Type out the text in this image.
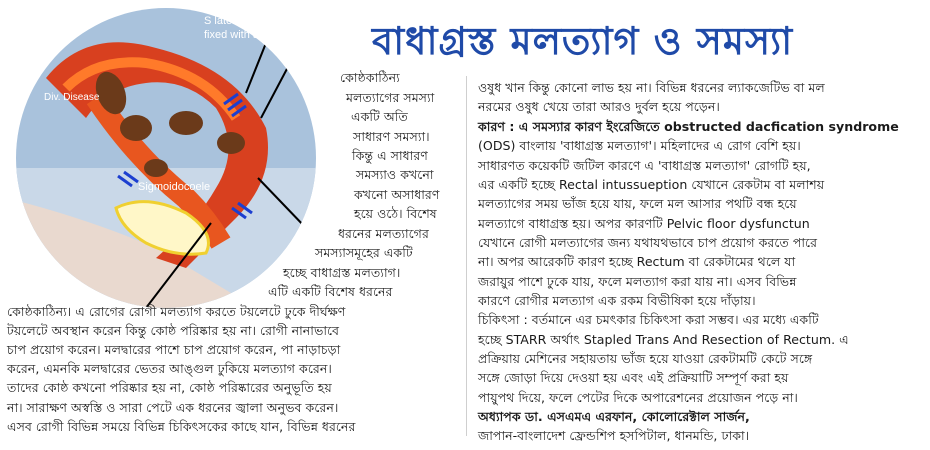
বাধাগ্রস্ত মলত্যাগ ও সমস্যা
S lateral r
fixed with adhe
Div. Disease
Sigmoidocoele
কোষ্ঠকাঠিন্য
মলত্যাগের সমস্যা
একটি অতি
সাধারণ সমস্যা।
কিন্তু এ সাধারণ
সমস্যাও কখনো
কখনো অসাধারণ
হয়ে ওঠে। বিশেষ
ধরনের মলত্যাগের
সমস্যাসমূহের একটি
হচ্ছে বাধাগ্রস্ত মলত্যাগ।
এটি একটি বিশেষ ধরনের
কোষ্ঠকাঠিন্য। এ রোগের রোগী মলত্যাগ করতে টয়লেটে ঢুকে দীর্ঘক্ষণ
টয়লেটে অবস্থান করেন কিন্তু কোষ্ঠ পরিষ্কার হয় না। রোগী নানাভাবে
চাপ প্রয়োগ করেন। মলদ্বারের পাশে চাপ প্রয়োগ করেন, পা নাড়াচড়া
করেন, এমনকি মলদ্বারের ভেতর আঙ্গুল ঢুকিয়ে মলত্যাগ করেন।
তাদের কোষ্ঠ কখনো পরিষ্কার হয় না, কোষ্ঠ পরিষ্কারের অনুভূতি হয়
না। সারাক্ষণ অস্বস্তি ও সারা পেটে এক ধরনের জ্বালা অনুভব করেন।
এসব রোগী বিভিন্ন সময়ে বিভিন্ন চিকিৎসকের কাছে যান, বিভিন্ন ধরনের
ওষুধ খান কিন্তু কোনো লাভ হয় না। বিভিন্ন ধরনের ল্যাকজেটিভ বা মল
নরমের ওষুধ খেয়ে তারা আরও দুর্বল হয়ে পড়েন।
কারণ : এ সমস্যার কারণ ইংরেজিতে obstructed dacfication syndrome
(ODS) বাংলায় 'বাধাগ্রস্ত মলত্যাগ'। মহিলাদের এ রোগ বেশি হয়।
সাধারণত কয়েকটি জটিল কারণে এ 'বাধাগ্রস্ত মলত্যাগ' রোগটি হয়,
এর একটি হচ্ছে Rectal intussueption যেখানে রেকটাম বা মলাশয়
মলত্যাগের সময় ভাঁজ হয়ে যায়, ফলে মল আসার পথটি বন্ধ হয়ে
মলত্যাগে বাধাগ্রস্ত হয়। অপর কারণটি Pelvic floor dysfunctun
যেখানে রোগী মলত্যাগের জন্য যথাযথভাবে চাপ প্রয়োগ করতে পারে
না। অপর আরেকটি কারণ হচ্ছে Rectum বা রেকটামের থলে যা
জরায়ুর পাশে ঢুকে যায়, ফলে মলত্যাগ করা যায় না। এসব বিভিন্ন
কারণে রোগীর মলত্যাগ এক রকম বিভীষিকা হয়ে দাঁড়ায়।
চিকিৎসা : বর্তমানে এর চমৎকার চিকিৎসা করা সম্ভব। এর মধ্যে একটি
হচ্ছে STARR অর্থাৎ Stapled Trans And Resection of Rectum. এ
প্রক্রিয়ায় মেশিনের সহায়তায় ভাঁজ হয়ে যাওয়া রেকটামটি কেটে সঙ্গে
সঙ্গে জোড়া দিয়ে দেওয়া হয় এবং এই প্রক্রিয়াটি সম্পূর্ণ করা হয়
পায়ুপথ দিয়ে, ফলে পেটের দিকে অপারেশনের প্রয়োজন পড়ে না।
অধ্যাপক ডা. এসএমএ এরফান, কোলোরেক্টাল সার্জন,
জাপান-বাংলাদেশ ফ্রেন্ডশিপ হসপিটাল, ধানমন্ডি, ঢাকা।
